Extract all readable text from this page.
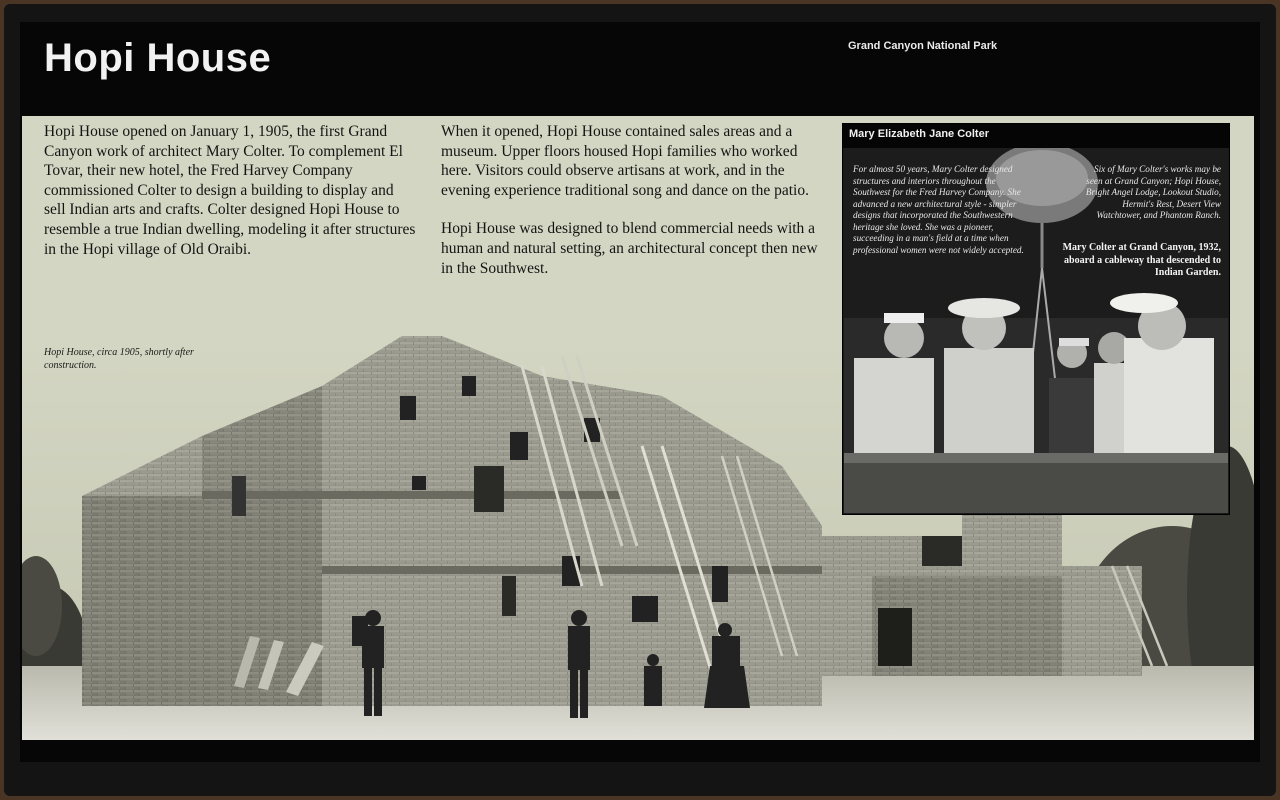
Hopi House	Grand Canyon National Park

Hopi House opened on January 1, 1905, the first Grand Canyon work of architect Mary Colter. To complement El Tovar, their new hotel, the Fred Harvey Company commissioned Colter to design a building to display and sell Indian arts and crafts. Colter designed Hopi House to resemble a true Indian dwelling, modeling it after structures in the Hopi village of Old Oraibi.

When it opened, Hopi House contained sales areas and a museum. Upper floors housed Hopi families who worked here. Visitors could observe artisans at work, and in the evening experience traditional song and dance on the patio.

Hopi House was designed to blend commercial needs with a human and natural setting, an architectural concept then new in the Southwest.

Hopi House, circa 1905, shortly after construction.
Mary Elizabeth Jane Colter
For almost 50 years, Mary Colter designed structures and interiors throughout the Southwest for the Fred Harvey Company. She advanced a new architectural style - simpler designs that incorporated the Southwestern heritage she loved. She was a pioneer, succeeding in a man's field at a time when professional women were not widely accepted.
Six of Mary Colter's works may be seen at Grand Canyon; Hopi House, Bright Angel Lodge, Lookout Studio, Hermit's Rest, Desert View Watchtower, and Phantom Ranch.
Mary Colter at Grand Canyon, 1932, aboard a cableway that descended to Indian Garden.
